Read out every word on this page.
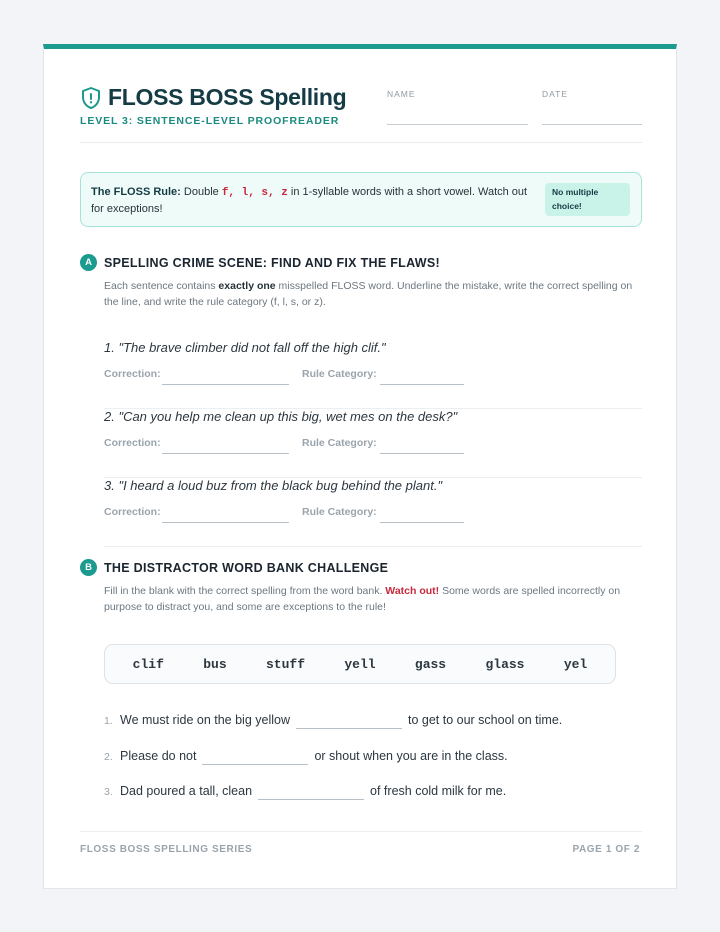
FLOSS BOSS Spelling
LEVEL 3: SENTENCE-LEVEL PROOFREADER
NAME	DATE
The FLOSS Rule: Double f, l, s, z in 1-syllable words with a short vowel. Watch out for exceptions!
No multiple choice!
A SPELLING CRIME SCENE: FIND AND FIX THE FLAWS!
Each sentence contains exactly one misspelled FLOSS word. Underline the mistake, write the correct spelling on the line, and write the rule category (f, l, s, or z).
1. "The brave climber did not fall off the high clif."
Correction:	Rule Category:
2. "Can you help me clean up this big, wet mes on the desk?"
Correction:	Rule Category:
3. "I heard a loud buz from the black bug behind the plant."
Correction:	Rule Category:
B THE DISTRACTOR WORD BANK CHALLENGE
Fill in the blank with the correct spelling from the word bank. Watch out! Some words are spelled incorrectly on purpose to distract you, and some are exceptions to the rule!
clif	bus	stuff	yell	gass	glass	yel
1. We must ride on the big yellow	to get to our school on time.
2. Please do not	or shout when you are in the class.
3. Dad poured a tall, clean	of fresh cold milk for me.
FLOSS BOSS SPELLING SERIES	PAGE 1 OF 2
